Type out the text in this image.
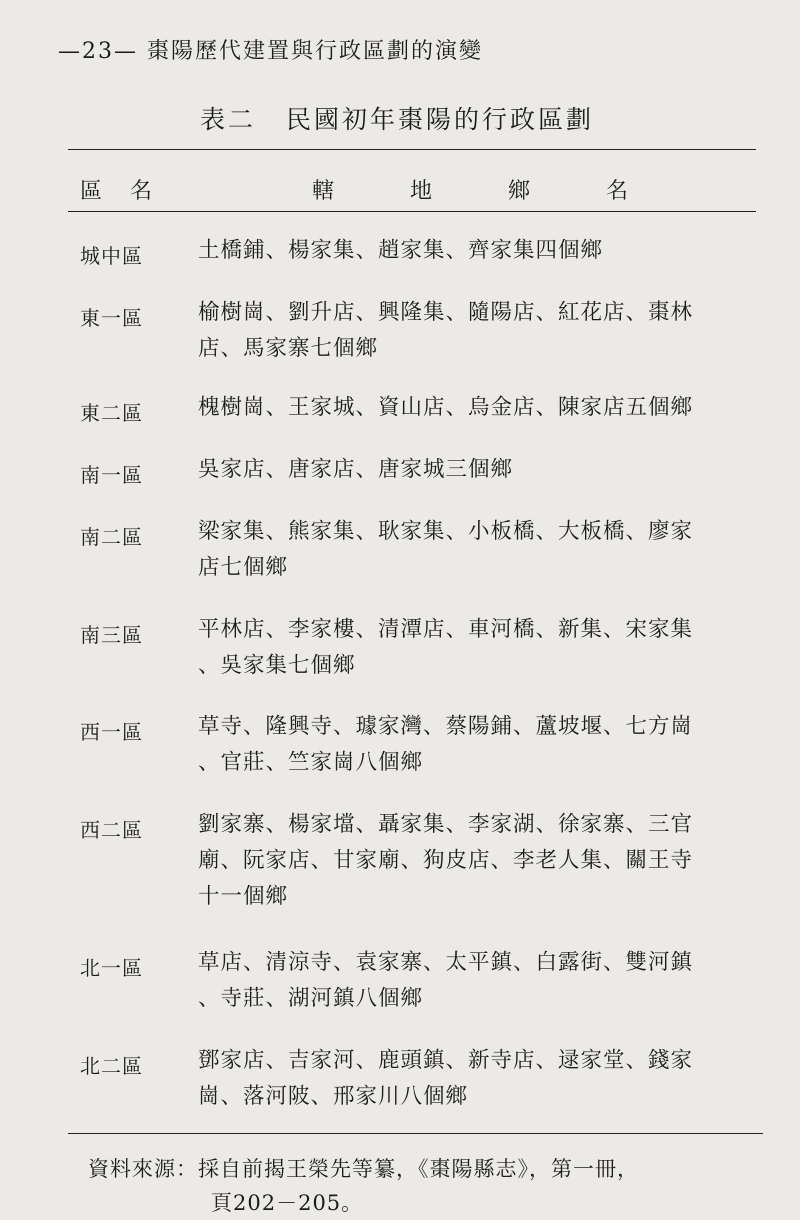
—23— 棗陽歷代建置與行政區劃的演變
表二 民國初年棗陽的行政區劃
區名	轄地鄉名
城中區	土橋鋪、楊家集、趙家集、齊家集四個鄉
東一區	榆樹崗、劉升店、興隆集、隨陽店、紅花店、棗林
店、馬家寨七個鄉
東二區	槐樹崗、王家城、資山店、烏金店、陳家店五個鄉
南一區	吳家店、唐家店、唐家城三個鄉
南二區	梁家集、熊家集、耿家集、小板橋、大板橋、廖家
店七個鄉
南三區	平林店、李家樓、清潭店、車河橋、新集、宋家集
、吳家集七個鄉
西一區	草寺、隆興寺、璩家灣、蔡陽鋪、蘆坡堰、七方崗
、官莊、竺家崗八個鄉
西二區	劉家寨、楊家壋、聶家集、李家湖、徐家寨、三官
廟、阮家店、甘家廟、狗皮店、李老人集、關王寺
十一個鄉
北一區	草店、清涼寺、袁家寨、太平鎮、白露街、雙河鎮
、寺莊、湖河鎮八個鄉
北二區	鄧家店、吉家河、鹿頭鎮、新寺店、逯家堂、錢家
崗、落河陂、邢家川八個鄉
資料來源：採自前揭王榮先等纂，《棗陽縣志》，第一冊，
頁202－205。
